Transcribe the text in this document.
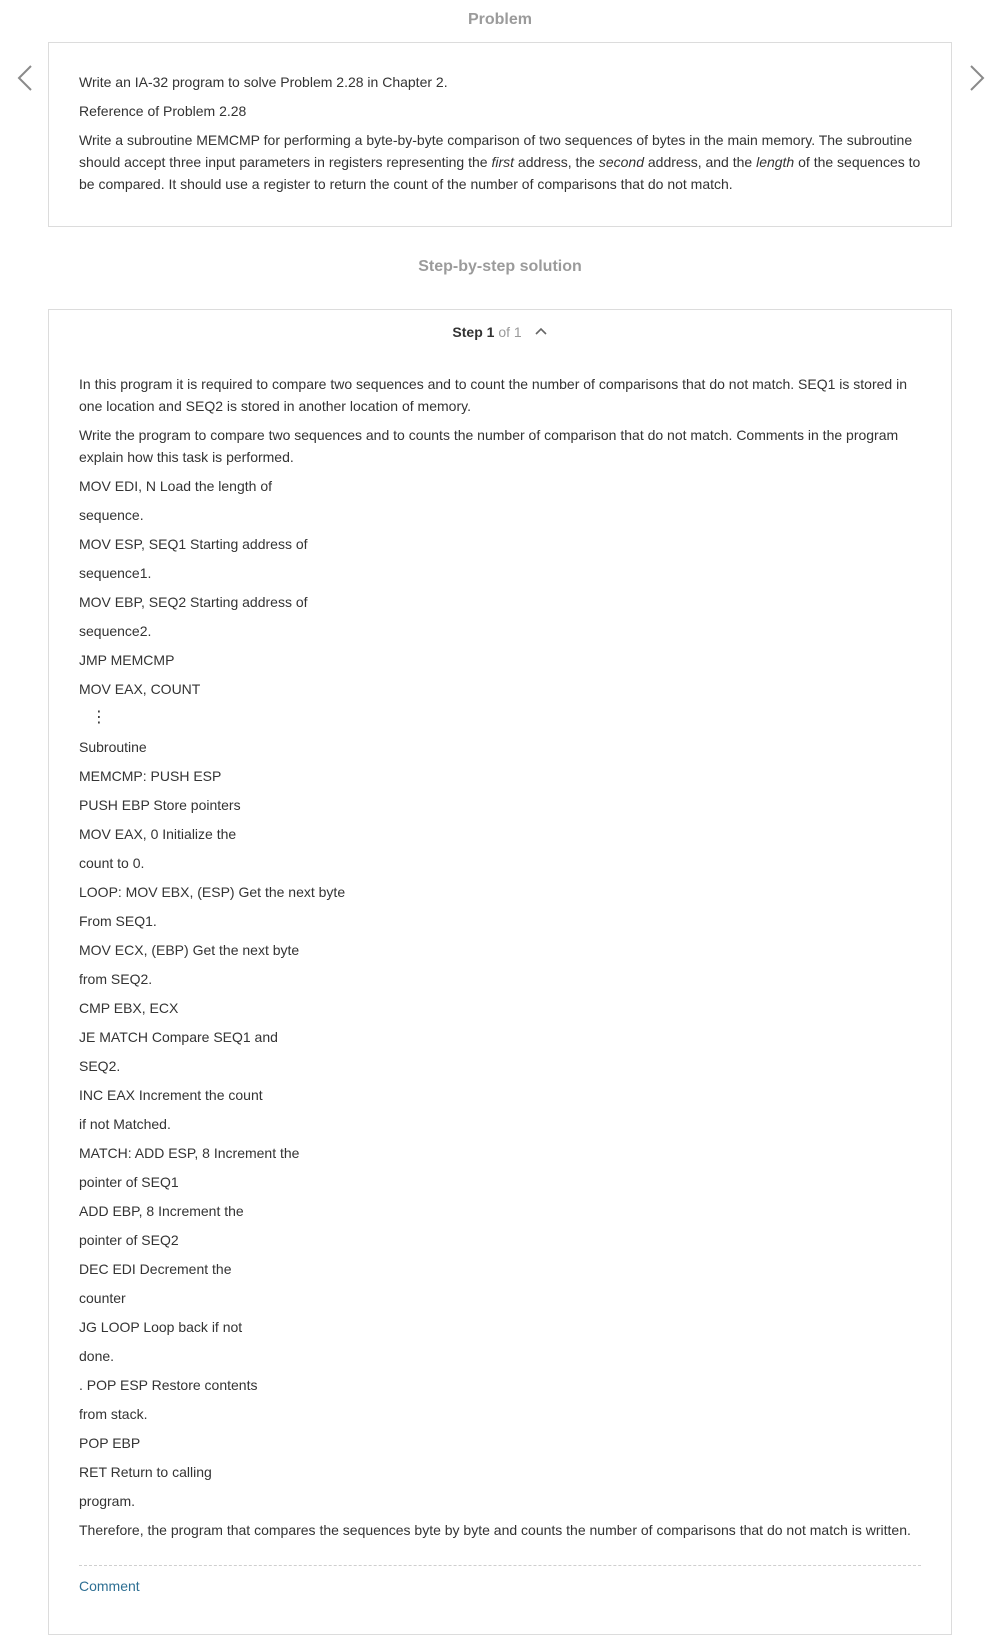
Problem

Write an IA-32 program to solve Problem 2.28 in Chapter 2.

Reference of Problem 2.28

Write a subroutine MEMCMP for performing a byte-by-byte comparison of two sequences of bytes in the main memory. The subroutine should accept three input parameters in registers representing the first address, the second address, and the length of the sequences to be compared. It should use a register to return the count of the number of comparisons that do not match.

Step-by-step solution
Step 1 of 1

In this program it is required to compare two sequences and to count the number of comparisons that do not match. SEQ1 is stored in one location and SEQ2 is stored in another location of memory.

Write the program to compare two sequences and to counts the number of comparison that do not match. Comments in the program explain how this task is performed.

MOV EDI, N Load the length of

sequence.

MOV ESP, SEQ1 Starting address of

sequence1.

MOV EBP, SEQ2 Starting address of

sequence2.

JMP MEMCMP

MOV EAX, COUNT

⋮

Subroutine

MEMCMP: PUSH ESP

PUSH EBP Store pointers

MOV EAX, 0 Initialize the

count to 0.

LOOP: MOV EBX, (ESP) Get the next byte

From SEQ1.

MOV ECX, (EBP) Get the next byte

from SEQ2.

CMP EBX, ECX

JE MATCH Compare SEQ1 and

SEQ2.

INC EAX Increment the count

if not Matched.

MATCH: ADD ESP, 8 Increment the

pointer of SEQ1

ADD EBP, 8 Increment the

pointer of SEQ2

DEC EDI Decrement the

counter

JG LOOP Loop back if not

done.

. POP ESP Restore contents

from stack.

POP EBP

RET Return to calling

program.

Therefore, the program that compares the sequences byte by byte and counts the number of comparisons that do not match is written.

Comment
